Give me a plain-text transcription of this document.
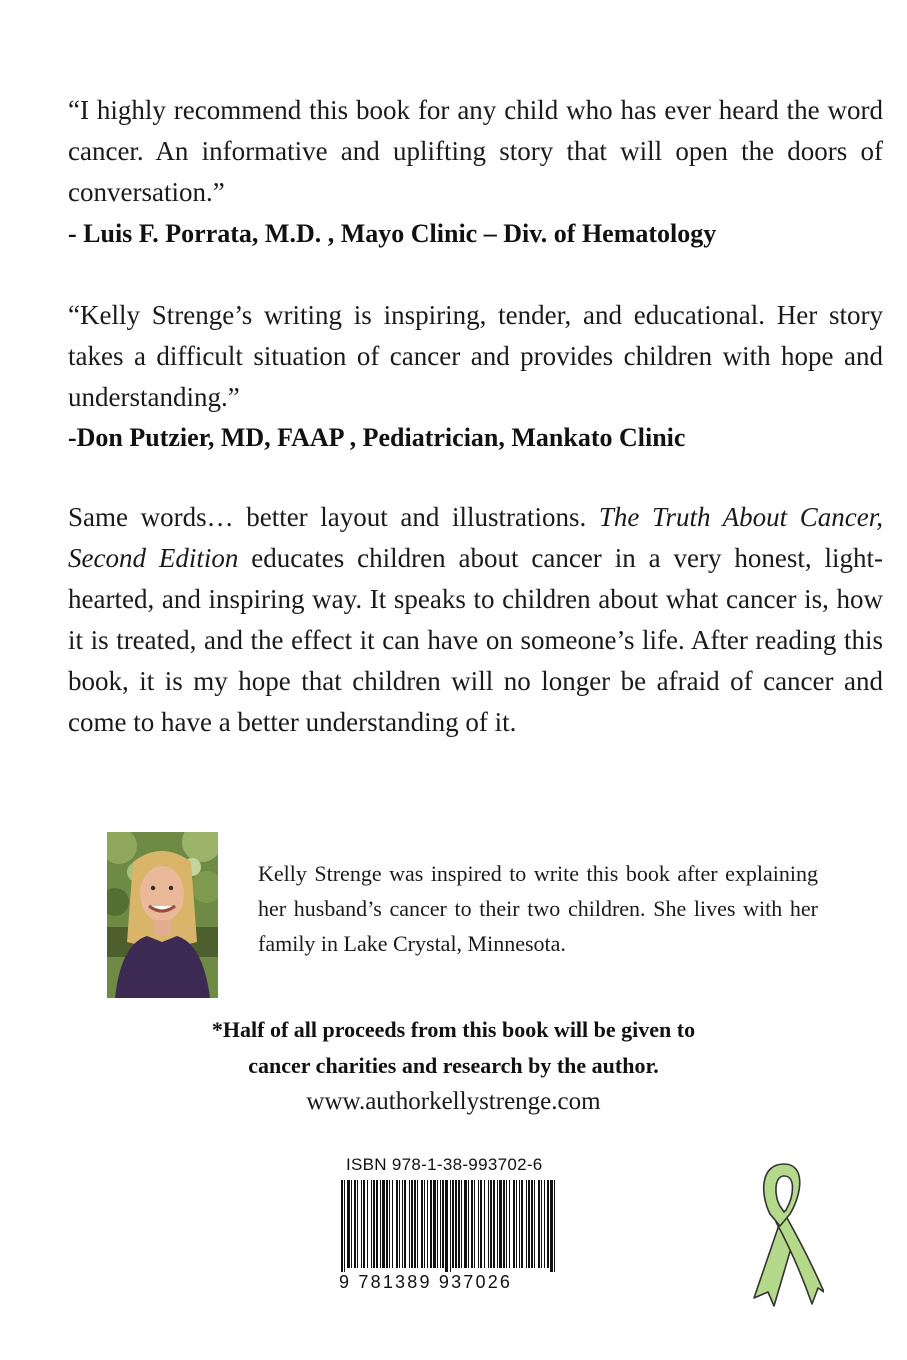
“I highly recommend this book for any child who has ever heard the word cancer. An informative and uplifting story that will open the doors of conversation.”

- Luis F. Porrata, M.D. , Mayo Clinic – Div. of Hematology

“Kelly Strenge’s writing is inspiring, tender, and educational. Her story takes a difficult situation of cancer and provides children with hope and understanding.”

-Don Putzier, MD, FAAP , Pediatrician, Mankato Clinic

Same words… better layout and illustrations. The Truth About Cancer, Second Edition educates children about cancer in a very honest, light-hearted, and inspiring way. It speaks to children about what cancer is, how it is treated, and the effect it can have on someone’s life. After reading this book, it is my hope that children will no longer be afraid of cancer and come to have a better understanding of it.

Kelly Strenge was inspired to write this book after explaining her husband’s cancer to their two children. She lives with her family in Lake Crystal, Minnesota.

*Half of all proceeds from this book will be given to
cancer charities and research by the author.
www.authorkellystrenge.com
ISBN 978-1-38-993702-6
9 781389 937026
